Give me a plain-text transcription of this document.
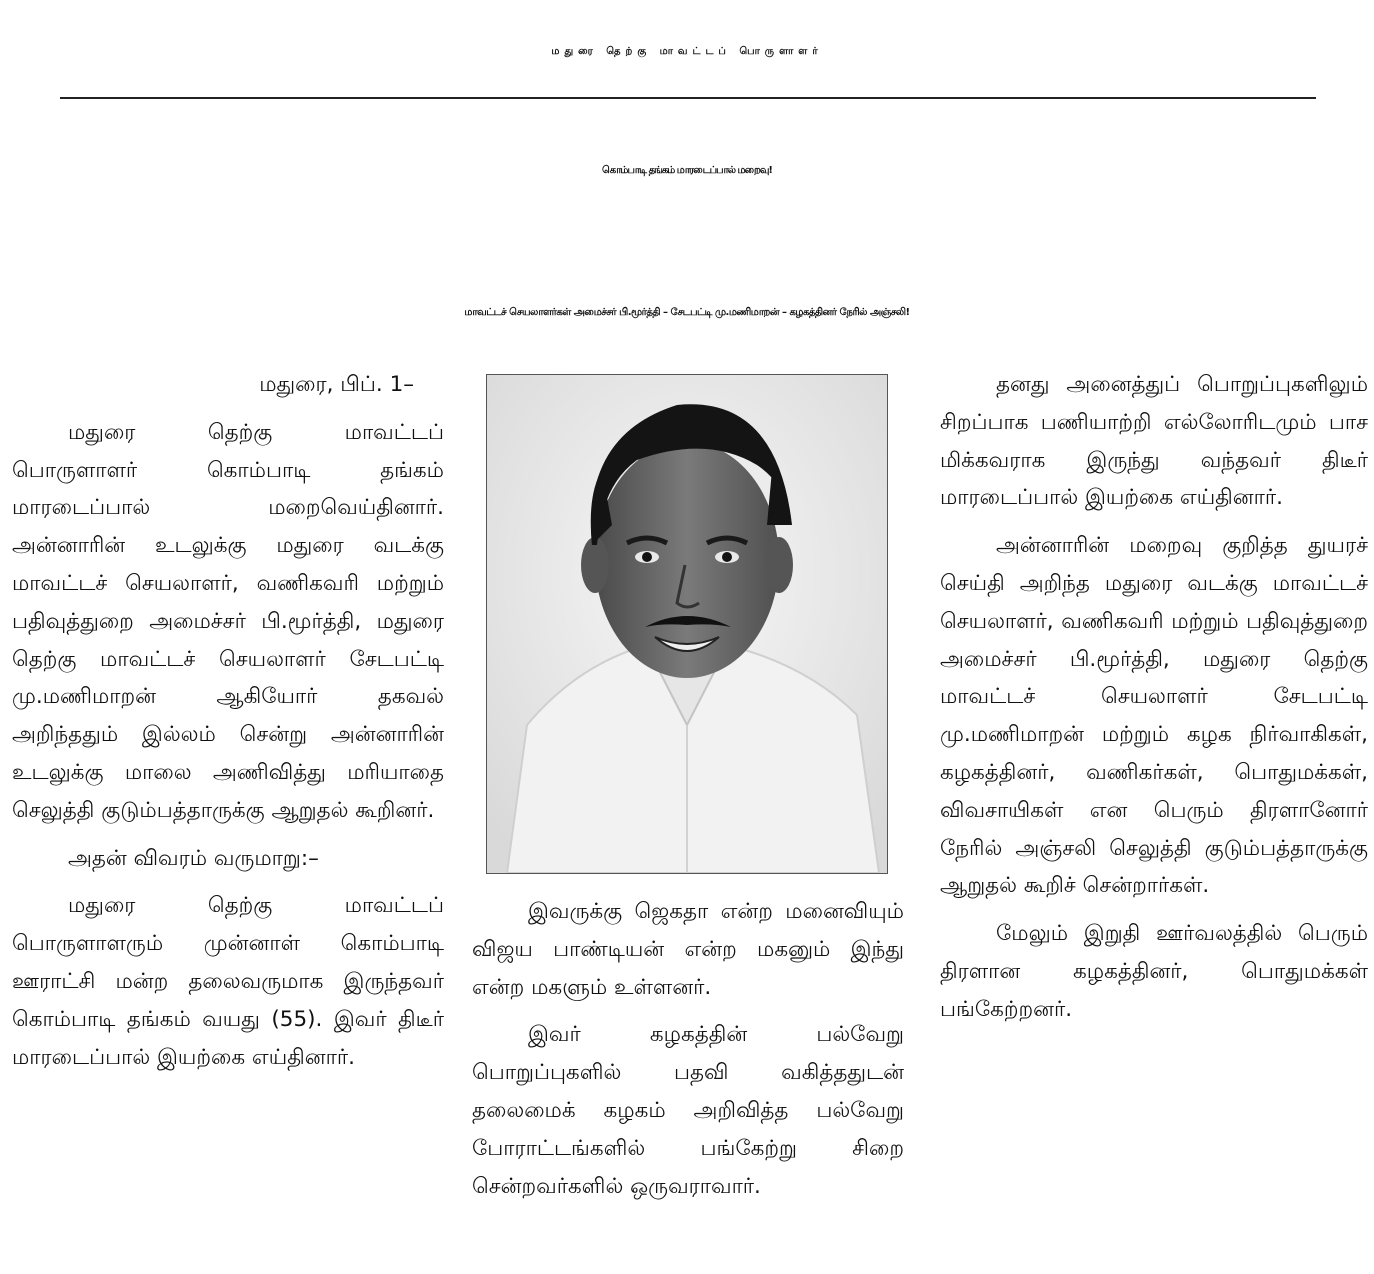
மதுரை தெற்கு மாவட்டப் பொருளாளர்
கொம்பாடி தங்கம் மாரடைப்பால் மறைவு!
மாவட்டச் செயலாளர்கள் அமைச்சர் பி.மூர்த்தி – சேடபட்டி மு.மணிமாறன் – கழகத்தினர் நேரில் அஞ்சலி!

மதுரை, பிப். 1–

மதுரை தெற்கு மாவட்டப் பொருளாளர் கொம்பாடி தங்கம் மாரடைப்பால் மறைவெய்தினார். அன்னாரின் உடலுக்கு மதுரை வடக்கு மாவட்டச் செயலாளர், வணிகவரி மற்றும் பதிவுத்துறை அமைச்சர் பி.மூர்த்தி, மதுரை தெற்கு மாவட்டச் செயலாளர் சேடபட்டி மு.மணிமாறன் ஆகியோர் தகவல் அறிந்ததும் இல்லம் சென்று அன்னாரின் உடலுக்கு மாலை அணிவித்து மரியாதை செலுத்தி குடும்பத்தாருக்கு ஆறுதல் கூறினர்.

அதன் விவரம் வருமாறு:–

மதுரை தெற்கு மாவட்டப் பொருளாளரும் முன்னாள் கொம்பாடி ஊராட்சி மன்ற தலைவருமாக இருந்தவர் கொம்பாடி தங்கம் வயது (55). இவர் திடீர் மாரடைப்பால் இயற்கை எய்தினார்.

இவருக்கு ஜெகதா என்ற மனைவியும் விஜய பாண்டியன் என்ற மகனும் இந்து என்ற மகளும் உள்ளனர்.

இவர் கழகத்தின் பல்வேறு பொறுப்புகளில் பதவி வகித்ததுடன் தலைமைக் கழகம் அறிவித்த பல்வேறு போராட்டங்களில் பங்கேற்று சிறை சென்றவர்களில் ஒருவராவார்.

தனது அனைத்துப் பொறுப்புகளிலும் சிறப்பாக பணியாற்றி எல்லோரிடமும் பாச மிக்கவராக இருந்து வந்தவர் திடீர் மாரடைப்பால் இயற்கை எய்தினார்.

அன்னாரின் மறைவு குறித்த துயரச் செய்தி அறிந்த மதுரை வடக்கு மாவட்டச் செயலாளர், வணிகவரி மற்றும் பதிவுத்துறை அமைச்சர் பி.மூர்த்தி, மதுரை தெற்கு மாவட்டச் செயலாளர் சேடபட்டி மு.மணிமாறன் மற்றும் கழக நிர்வாகிகள், கழகத்தினர், வணிகர்கள், பொதுமக்கள், விவசாயிகள் என பெரும் திரளானோர் நேரில் அஞ்சலி செலுத்தி குடும்பத்தாருக்கு ஆறுதல் கூறிச் சென்றார்கள்.

மேலும் இறுதி ஊர்வலத்தில் பெரும் திரளான கழகத்தினர், பொதுமக்கள் பங்கேற்றனர்.
